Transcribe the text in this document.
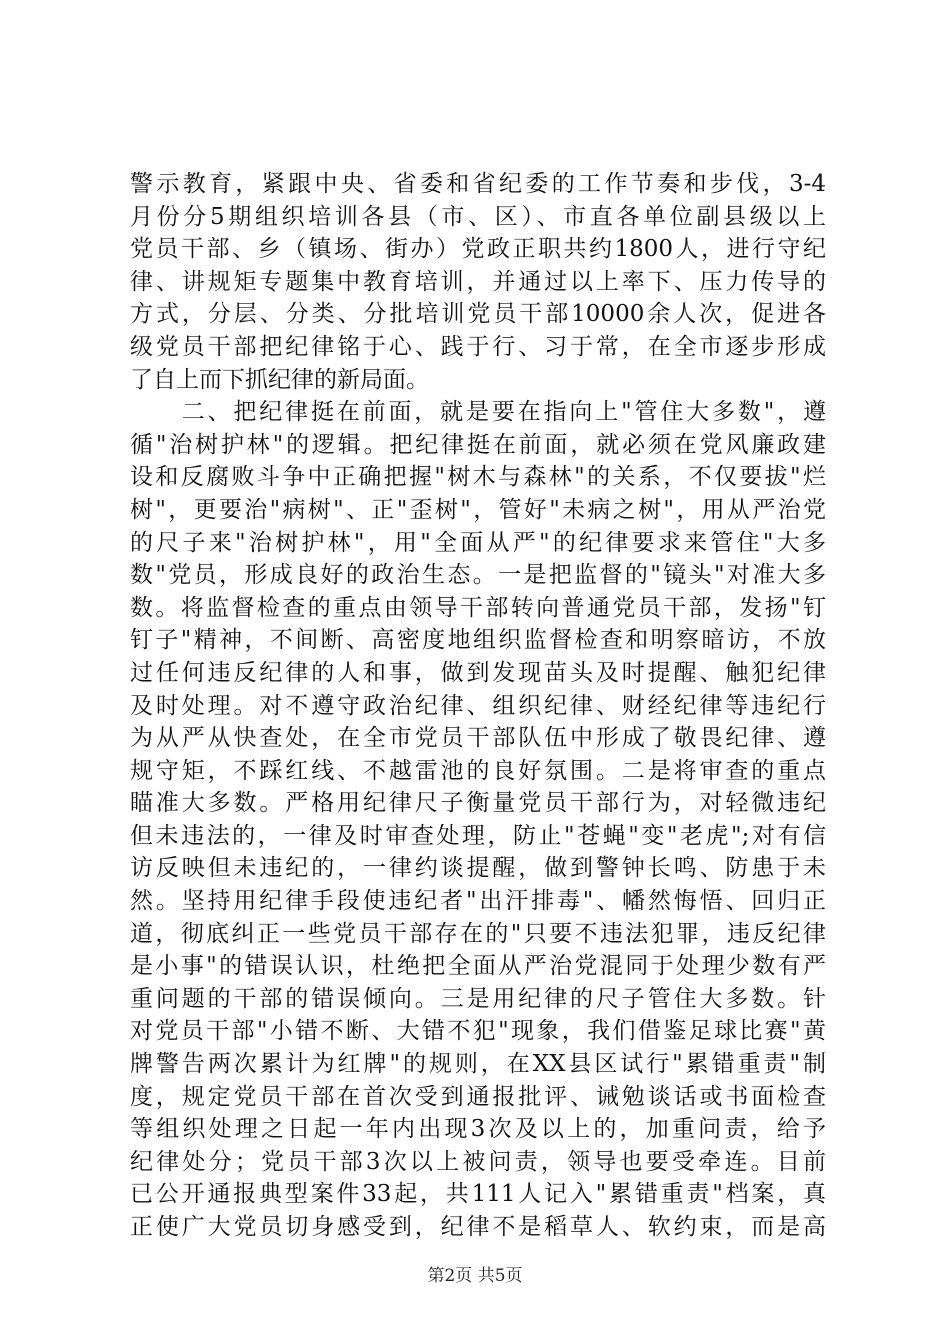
警示教育，紧跟中央、省委和省纪委的工作节奏和步伐，3-4
月份分5期组织培训各县（市、区）、市直各单位副县级以上
党员干部、乡（镇场、街办）党政正职共约1800人，进行守纪
律、讲规矩专题集中教育培训，并通过以上率下、压力传导的
方式，分层、分类、分批培训党员干部10000余人次，促进各
级党员干部把纪律铭于心、践于行、习于常，在全市逐步形成
了自上而下抓纪律的新局面。
　　二、把纪律挺在前面，就是要在指向上"管住大多数"，遵
循"治树护林"的逻辑。把纪律挺在前面，就必须在党风廉政建
设和反腐败斗争中正确把握"树木与森林"的关系，不仅要拔"烂
树"，更要治"病树"、正"歪树"，管好"未病之树"，用从严治党
的尺子来"治树护林"，用"全面从严"的纪律要求来管住"大多
数"党员，形成良好的政治生态。一是把监督的"镜头"对准大多
数。将监督检查的重点由领导干部转向普通党员干部，发扬"钉
钉子"精神，不间断、高密度地组织监督检查和明察暗访，不放
过任何违反纪律的人和事，做到发现苗头及时提醒、触犯纪律
及时处理。对不遵守政治纪律、组织纪律、财经纪律等违纪行
为从严从快查处，在全市党员干部队伍中形成了敬畏纪律、遵
规守矩，不踩红线、不越雷池的良好氛围。二是将审查的重点
瞄准大多数。严格用纪律尺子衡量党员干部行为，对轻微违纪
但未违法的，一律及时审查处理，防止"苍蝇"变"老虎";对有信
访反映但未违纪的，一律约谈提醒，做到警钟长鸣、防患于未
然。坚持用纪律手段使违纪者"出汗排毒"、幡然悔悟、回归正
道，彻底纠正一些党员干部存在的"只要不违法犯罪，违反纪律
是小事"的错误认识，杜绝把全面从严治党混同于处理少数有严
重问题的干部的错误倾向。三是用纪律的尺子管住大多数。针
对党员干部"小错不断、大错不犯"现象，我们借鉴足球比赛"黄
牌警告两次累计为红牌"的规则，在XX县区试行"累错重责"制
度，规定党员干部在首次受到通报批评、诫勉谈话或书面检查
等组织处理之日起一年内出现3次及以上的，加重问责，给予
纪律处分；党员干部3次以上被问责，领导也要受牵连。目前
已公开通报典型案件33起，共111人记入"累错重责"档案，真
正使广大党员切身感受到，纪律不是稻草人、软约束，而是高
第2页 共5页
